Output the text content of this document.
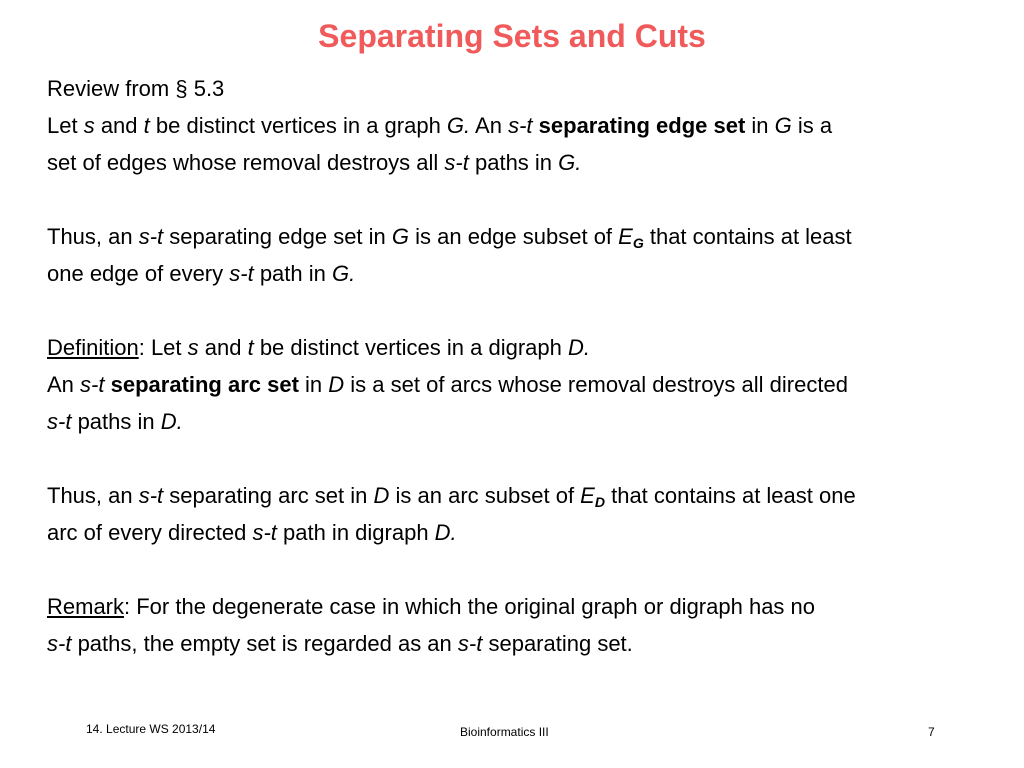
Separating Sets and Cuts
Review from § 5.3
Let s and t be distinct vertices in a graph G. An s-t separating edge set in G is a
set of edges whose removal destroys all s-t paths in G.
Thus, an s-t separating edge set in G is an edge subset of $E_G$ that contains at least
one edge of every s-t path in G.
Definition: Let s and t be distinct vertices in a digraph D.
An s-t separating arc set in D is a set of arcs whose removal destroys all directed
s-t paths in D.
Thus, an s-t separating arc set in D is an arc subset of $E_D$ that contains at least one
arc of every directed s-t path in digraph D.
Remark: For the degenerate case in which the original graph or digraph has no
s-t paths, the empty set is regarded as an s-t separating set.
14. Lecture WS 2013/14	Bioinformatics III	7
